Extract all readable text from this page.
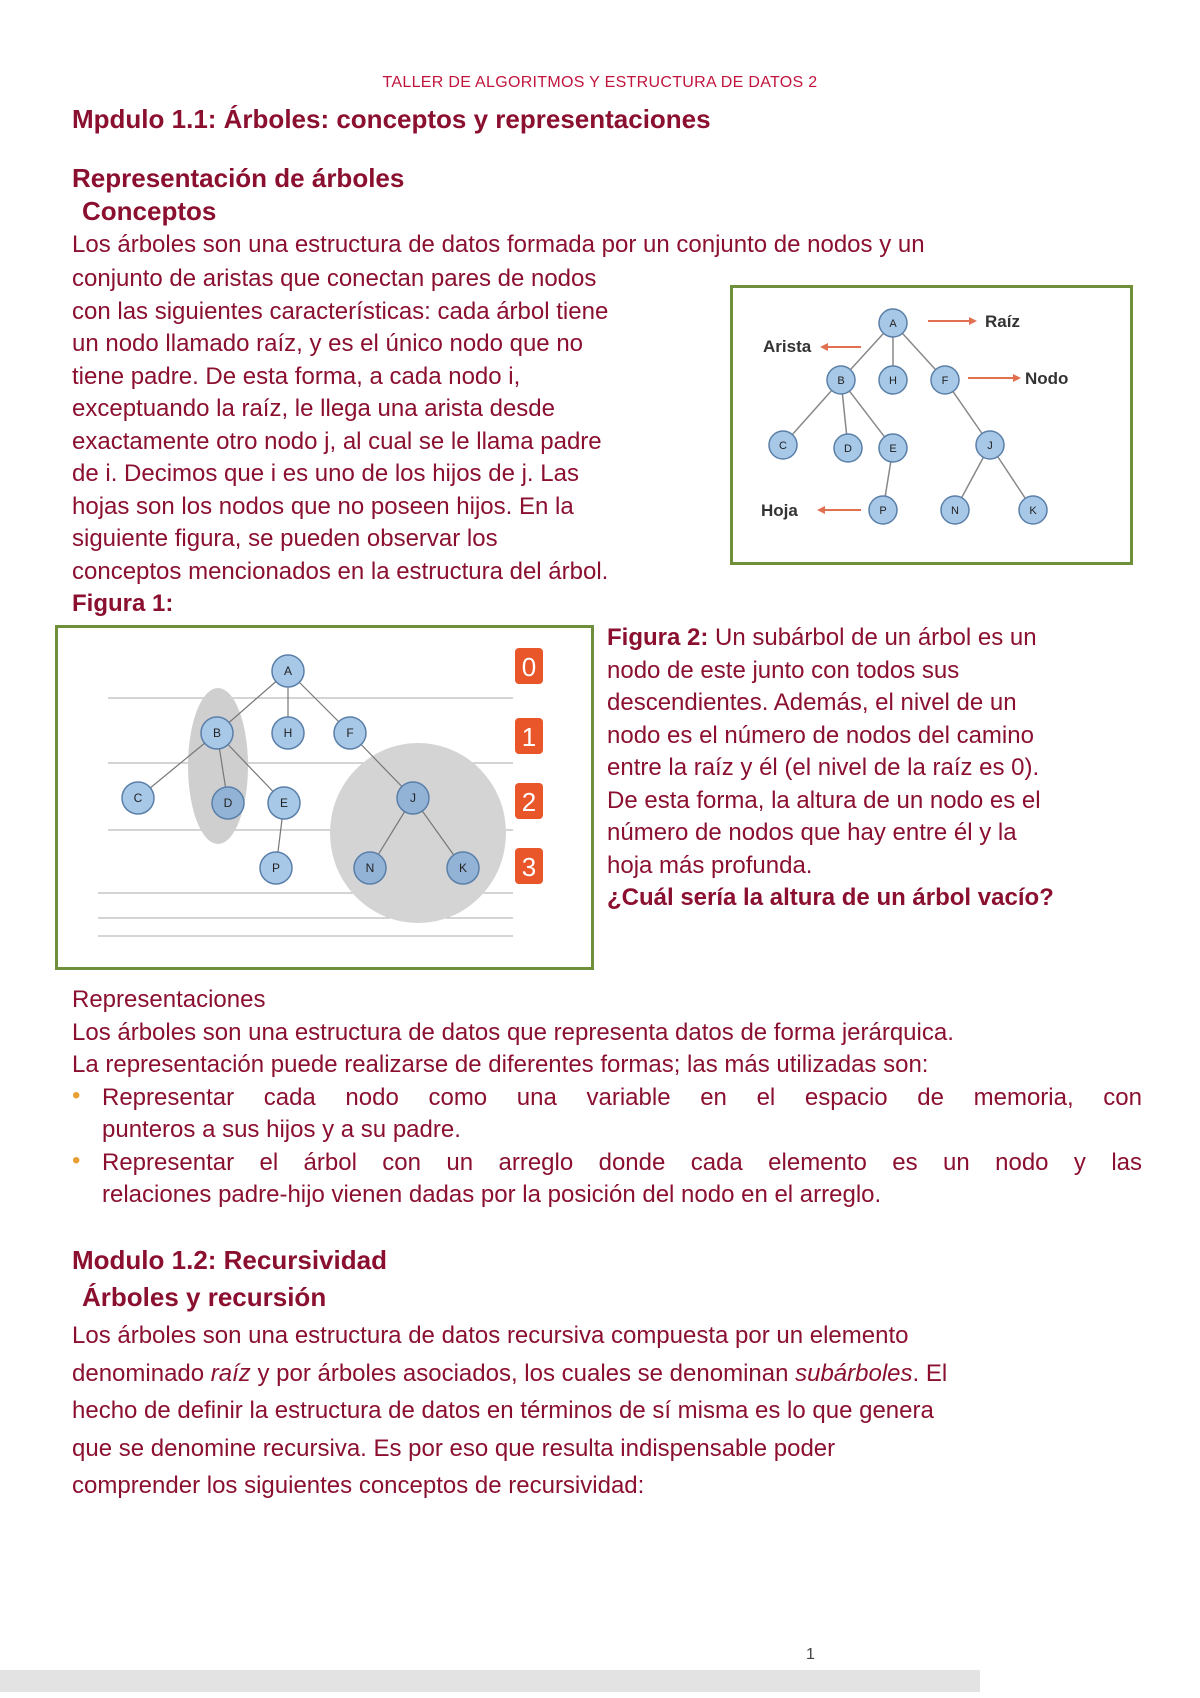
TALLER DE ALGORITMOS Y ESTRUCTURA DE DATOS 2
Mpdulo 1.1: Árboles: conceptos y representaciones
Representación de árboles
Conceptos
Los árboles son una estructura de datos formada por un conjunto de nodos y un
conjunto de aristas que conectan pares de nodos
con las siguientes características: cada árbol tiene
un nodo llamado raíz, y es el único nodo que no
tiene padre. De esta forma, a cada nodo i,
exceptuando la raíz, le llega una arista desde
exactamente otro nodo j, al cual se le llama padre
de i. Decimos que i es uno de los hijos de j. Las
hojas son los nodos que no poseen hijos. En la
siguiente figura, se pueden observar los
conceptos mencionados en la estructura del árbol.
A
B	H	F
C	D	E	J
P	N	K
Raíz
Arista
Nodo
Hoja
Figura 1:
A
B	H	F
C	D	E	J
P	N	K
0
1
2
3
Figura 2: Un subárbol de un árbol es un
nodo de este junto con todos sus
descendientes. Además, el nivel de un
nodo es el número de nodos del camino
entre la raíz y él (el nivel de la raíz es 0).
De esta forma, la altura de un nodo es el
número de nodos que hay entre él y la
hoja más profunda.
¿Cuál sería la altura de un árbol vacío?
Representaciones
Los árboles son una estructura de datos que representa datos de forma jerárquica.
La representación puede realizarse de diferentes formas; las más utilizadas son:
• Representar cada nodo como una variable en el espacio de memoria, con
punteros a sus hijos y a su padre.
• Representar el árbol con un arreglo donde cada elemento es un nodo y las
relaciones padre-hijo vienen dadas por la posición del nodo en el arreglo.
Modulo 1.2: Recursividad
Árboles y recursión
Los árboles son una estructura de datos recursiva compuesta por un elemento
denominado raíz y por árboles asociados, los cuales se denominan subárboles. El
hecho de definir la estructura de datos en términos de sí misma es lo que genera
que se denomine recursiva. Es por eso que resulta indispensable poder
comprender los siguientes conceptos de recursividad:
1
